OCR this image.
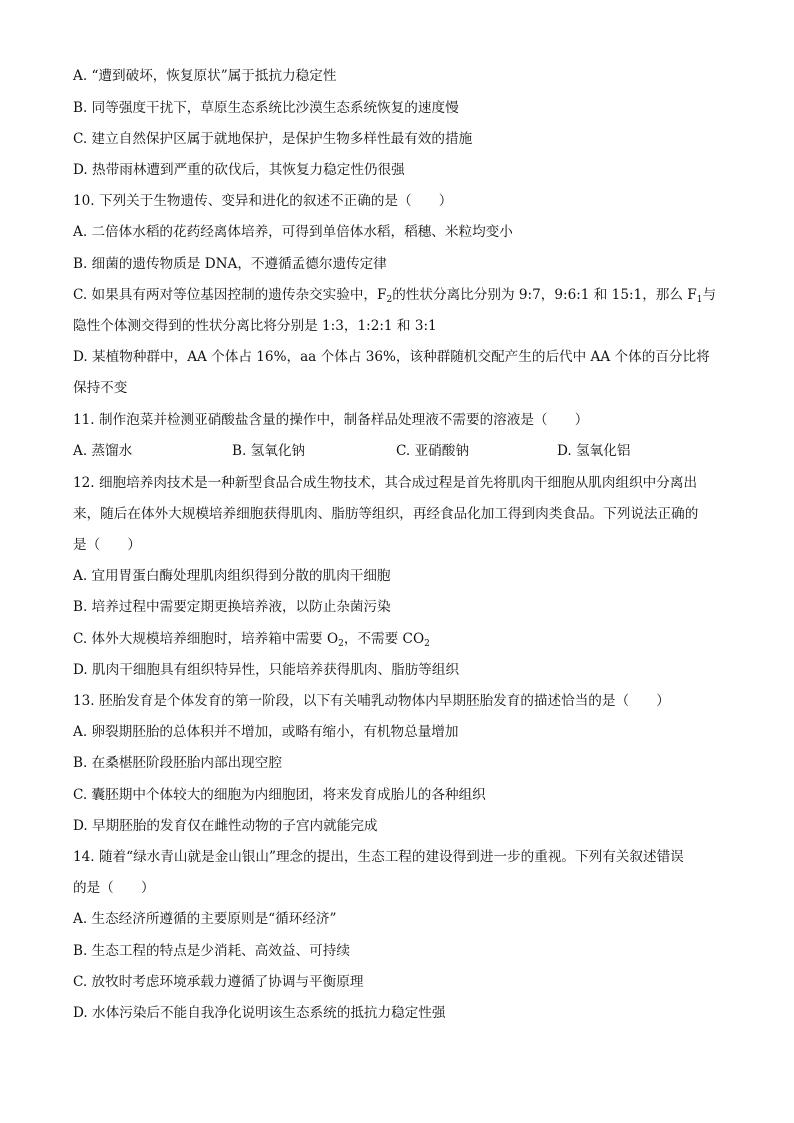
A. “遭到破坏，恢复原状”属于抵抗力稳定性
B. 同等强度干扰下，草原生态系统比沙漠生态系统恢复的速度慢
C. 建立自然保护区属于就地保护，是保护生物多样性最有效的措施
D. 热带雨林遭到严重的砍伐后，其恢复力稳定性仍很强
10. 下列关于生物遗传、变异和进化的叙述不正确的是（　　）
A. 二倍体水稻的花药经离体培养，可得到单倍体水稻，稻穗、米粒均变小
B. 细菌的遗传物质是 DNA，不遵循孟德尔遗传定律
C. 如果具有两对等位基因控制的遗传杂交实验中，$F_2$的性状分离比分别为 9:7，9:6:1 和 15:1，那么 $F_1$与
隐性个体测交得到的性状分离比将分别是 1:3，1:2:1 和 3:1
D. 某植物种群中，AA 个体占 16%，aa 个体占 36%，该种群随机交配产生的后代中 AA 个体的百分比将
保持不变
11. 制作泡菜并检测亚硝酸盐含量的操作中，制备样品处理液不需要的溶液是（　　）
A. 蒸馏水	B. 氢氧化钠	C. 亚硝酸钠	D. 氢氧化铝
12. 细胞培养肉技术是一种新型食品合成生物技术，其合成过程是首先将肌肉干细胞从肌肉组织中分离出
来，随后在体外大规模培养细胞获得肌肉、脂肪等组织，再经食品化加工得到肉类食品。下列说法正确的
是（　　）
A. 宜用胃蛋白酶处理肌肉组织得到分散的肌肉干细胞
B. 培养过程中需要定期更换培养液，以防止杂菌污染
C. 体外大规模培养细胞时，培养箱中需要 $O_2$，不需要 $CO_2$
D. 肌肉干细胞具有组织特异性，只能培养获得肌肉、脂肪等组织
13. 胚胎发育是个体发育的第一阶段，以下有关哺乳动物体内早期胚胎发育的描述恰当的是（　　）
A. 卵裂期胚胎的总体积并不增加，或略有缩小，有机物总量增加
B. 在桑椹胚阶段胚胎内部出现空腔
C. 囊胚期中个体较大的细胞为内细胞团，将来发育成胎儿的各种组织
D. 早期胚胎的发育仅在雌性动物的子宫内就能完成
14. 随着“绿水青山就是金山银山”理念的提出，生态工程的建设得到进一步的重视。下列有关叙述错误
的是（　　）
A. 生态经济所遵循的主要原则是“循环经济”
B. 生态工程的特点是少消耗、高效益、可持续
C. 放牧时考虑环境承载力遵循了协调与平衡原理
D. 水体污染后不能自我净化说明该生态系统的抵抗力稳定性强
